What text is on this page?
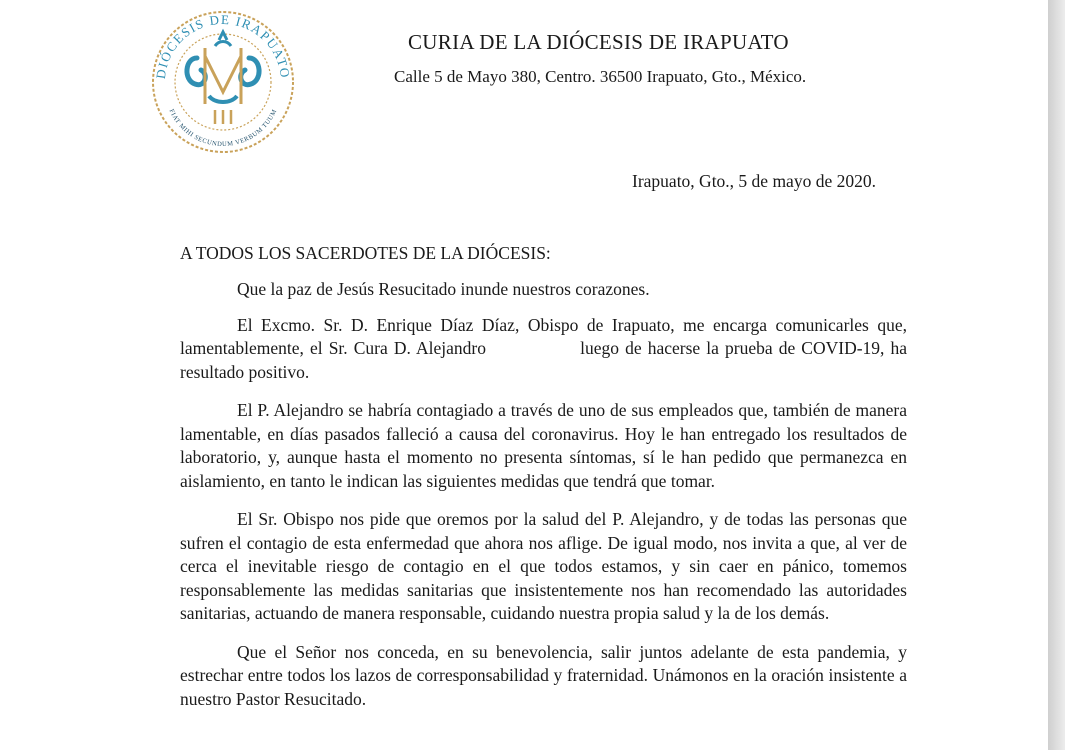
DIÓCESIS DE IRAPUATO
FIAT MIHI SECUNDUM VERBUM TUUM
CURIA DE LA DIÓCESIS DE IRAPUATO
Calle 5 de Mayo 380, Centro. 36500 Irapuato, Gto., México.
Irapuato, Gto., 5 de mayo de 2020.
A TODOS LOS SACERDOTES DE LA DIÓCESIS:

Que la paz de Jesús Resucitado inunde nuestros corazones.

El Excmo. Sr. D. Enrique Díaz Díaz, Obispo de Irapuato, me encarga comunicarles que, lamentablemente, el Sr. Cura D. Alejandro	luego de hacerse la prueba de COVID-19, ha resultado positivo.

El P. Alejandro se habría contagiado a través de uno de sus empleados que, también de manera lamentable, en días pasados falleció a causa del coronavirus. Hoy le han entregado los resultados de laboratorio, y, aunque hasta el momento no presenta síntomas, sí le han pedido que permanezca en aislamiento, en tanto le indican las siguientes medidas que tendrá que tomar.

El Sr. Obispo nos pide que oremos por la salud del P. Alejandro, y de todas las personas que sufren el contagio de esta enfermedad que ahora nos aflige. De igual modo, nos invita a que, al ver de cerca el inevitable riesgo de contagio en el que todos estamos, y sin caer en pánico, tomemos responsablemente las medidas sanitarias que insistentemente nos han recomendado las autoridades sanitarias, actuando de manera responsable, cuidando nuestra propia salud y la de los demás.

Que el Señor nos conceda, en su benevolencia, salir juntos adelante de esta pandemia, y estrechar entre todos los lazos de corresponsabilidad y fraternidad. Unámonos en la oración insistente a nuestro Pastor Resucitado.
